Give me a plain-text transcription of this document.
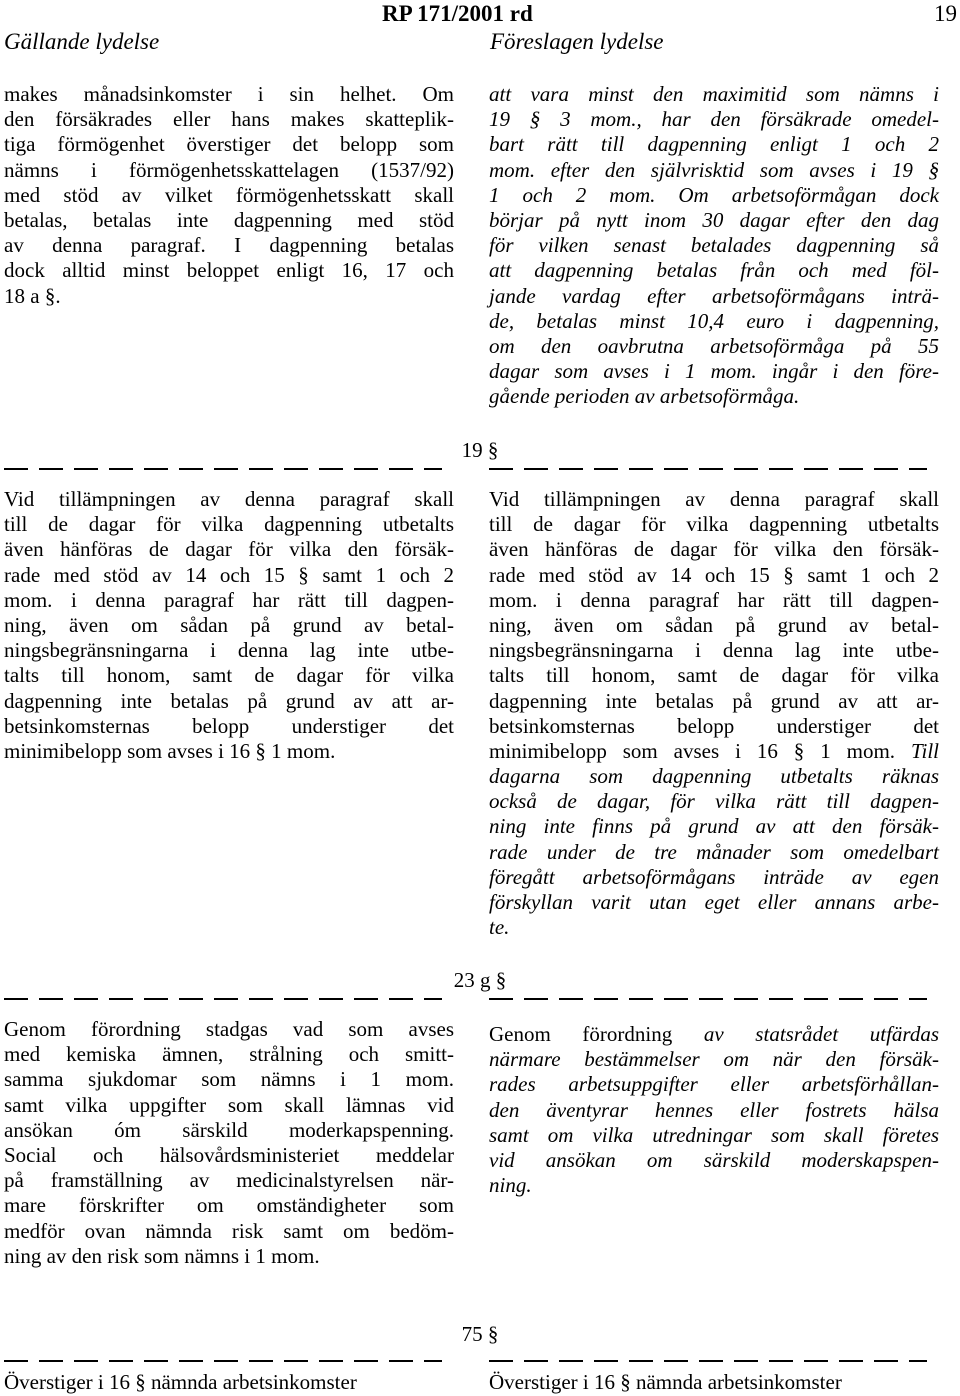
Gällande lydelse
RP 171/2001 rd
Föreslagen lydelse
19
makes månadsinkomster i sin helhet. Om
den försäkrades eller hans makes skatteplik-
tiga förmögenhet överstiger det belopp som
nämns i förmögenhetsskattelagen (1537/92)
med stöd av vilket förmögenhetsskatt skall
betalas, betalas inte dagpenning med stöd
av denna paragraf. I dagpenning betalas
dock alltid minst beloppet enligt 16, 17 och
18 a §.
Vid tillämpningen av denna paragraf skall
till de dagar för vilka dagpenning utbetalts
även hänföras de dagar för vilka den försäk-
rade med stöd av 14 och 15 § samt 1 och 2
mom. i denna paragraf har rätt till dagpen-
ning, även om sådan på grund av betal-
ningsbegränsningarna i denna lag inte utbe-
talts till honom, samt de dagar för vilka
dagpenning inte betalas på grund av att ar-
betsinkomsternas belopp understiger det
minimibelopp som avses i 16 § 1 mom.
Genom förordning stadgas vad som avses
med kemiska ämnen, strålning och smitt-
samma sjukdomar som nämns i 1 mom.
samt vilka uppgifter som skall lämnas vid
ansökan óm särskild moderkapspenning.
Social och hälsovårdsministeriet meddelar
på framställning av medicinalstyrelsen när-
mare förskrifter om omständigheter som
medför ovan nämnda risk samt om bedöm-
ning av den risk som nämns i 1 mom.
Överstiger i 16 § nämnda arbetsinkomster
19 §
23 g §
75 §
att vara minst den maximitid som nämns i
19 § 3 mom., har den försäkrade omedel-
bart rätt till dagpenning enligt 1 och 2
mom. efter den självrisktid som avses i 19 §
1 och 2 mom. Om arbetsoförmågan dock
börjar på nytt inom 30 dagar efter den dag
för vilken senast betalades dagpenning så
att dagpenning betalas från och med föl-
jande vardag efter arbetsoförmågans inträ-
de, betalas minst 10,4 euro i dagpenning,
om den oavbrutna arbetsoförmåga på 55
dagar som avses i 1 mom. ingår i den före-
gående perioden av arbetsoförmåga.
Vid tillämpningen av denna paragraf skall
till de dagar för vilka dagpenning utbetalts
även hänföras de dagar för vilka den försäk-
rade med stöd av 14 och 15 § samt 1 och 2
mom. i denna paragraf har rätt till dagpen-
ning, även om sådan på grund av betal-
ningsbegränsningarna i denna lag inte utbe-
talts till honom, samt de dagar för vilka
dagpenning inte betalas på grund av att ar-
betsinkomsternas belopp understiger det
minimibelopp som avses i 16 § 1 mom. Till
dagarna som dagpenning utbetalts räknas
också de dagar, för vilka rätt till dagpen-
ning inte finns på grund av att den försäk-
rade under de tre månader som omedelbart
föregått arbetsoförmågans inträde av egen
förskyllan varit utan eget eller annans arbe-
te.
Genom förordning av statsrådet utfärdas
närmare bestämmelser om när den försäk-
rades arbetsuppgifter eller arbetsförhållan-
den äventyrar hennes eller fostrets hälsa
samt om vilka utredningar som skall företes
vid ansökan om särskild moderskapspen-
ning.
Överstiger i 16 § nämnda arbetsinkomster
